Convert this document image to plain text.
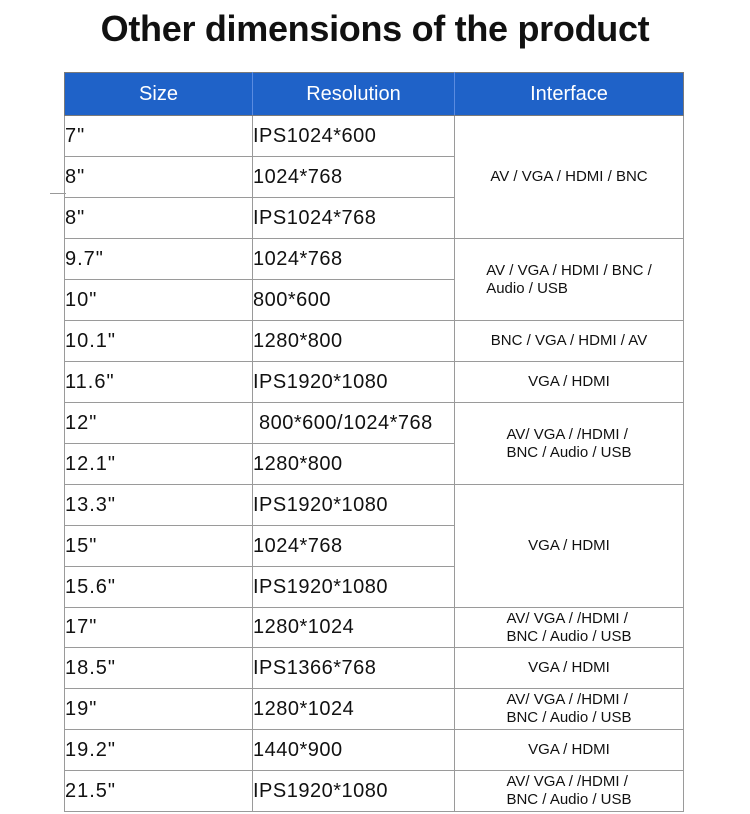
Other dimensions of the product
Size	Resolution	Interface
7"	IPS1024*600	AV / VGA / HDMI / BNC

8"	1024*768	
8"	IPS1024*768	
9.7"	1024*768	AV / VGA / HDMI / BNC /
Audio / USB

10"	800*600	
10.1"	1280*800	BNC / VGA / HDMI / AV

11.6"	IPS1920*1080	VGA / HDMI

12"	800*600/1024*768	AV/ VGA / /HDMI /
BNC / Audio / USB

12.1"	1280*800	
13.3"	IPS1920*1080	VGA / HDMI

15"	1024*768	
15.6"	IPS1920*1080	
17"	1280*1024	AV/ VGA / /HDMI /
BNC / Audio / USB

18.5"	IPS1366*768	VGA / HDMI

19"	1280*1024	AV/ VGA / /HDMI /
BNC / Audio / USB

19.2"	1440*900	VGA / HDMI

21.5"	IPS1920*1080	AV/ VGA / /HDMI /
BNC / Audio / USB
